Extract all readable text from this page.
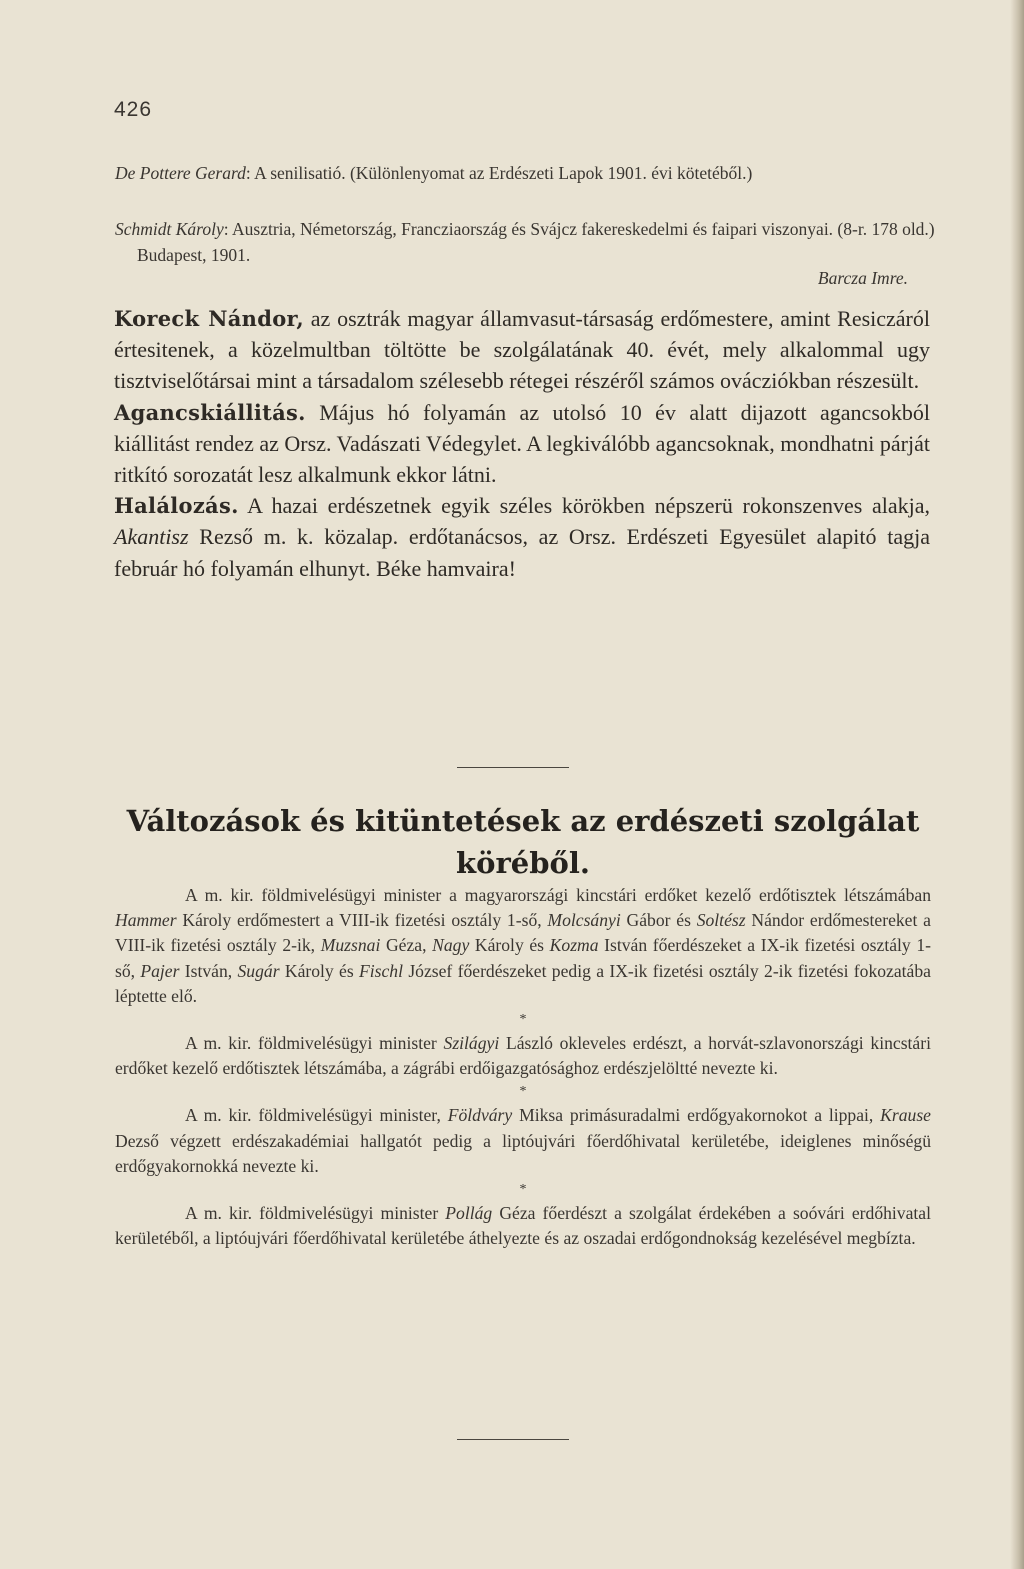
426
De Pottere Gerard: A senilisatió. (Különlenyomat az Erdészeti Lapok 1901. évi kötetéből.)
Schmidt Károly: Ausztria, Németország, Francziaország és Svájcz fakereskedelmi és faipari viszonyai. (8-r. 178 old.) Budapest, 1901.
Barcza Imre.

Koreck Nándor, az osztrák magyar államvasut-társaság erdőmestere, amint Resiczáról értesitenek, a közelmultban töltötte be szolgálatának 40. évét, mely alkalommal ugy tisztviselőtársai mint a társadalom szélesebb rétegei részéről számos ovácziókban részesült.

Agancskiállitás. Május hó folyamán az utolsó 10 év alatt dijazott agancsokból kiállitást rendez az Orsz. Vadászati Védegylet. A legkiválóbb agancsoknak, mondhatni párját ritkító sorozatát lesz alkalmunk ekkor látni.

Halálozás. A hazai erdészetnek egyik széles körökben népszerü rokonszenves alakja, Akantisz Rezső m. k. közalap. erdőtanácsos, az Orsz. Erdészeti Egyesület alapitó tagja február hó folyamán elhunyt. Béke hamvaira!

Változások és kitüntetések az erdészeti szolgálat köréből.

A m. kir. földmivelésügyi minister a magyarországi kincstári erdőket kezelő erdőtisztek létszámában Hammer Károly erdőmestert a VIII-ik fizetési osztály 1-ső, Molcsányi Gábor és Soltész Nándor erdőmestereket a VIII-ik fizetési osztály 2-ik, Muzsnai Géza, Nagy Károly és Kozma István főerdészeket a IX-ik fizetési osztály 1-ső, Pajer István, Sugár Károly és Fischl József főerdészeket pedig a IX-ik fizetési osztály 2-ik fizetési fokozatába léptette elő.

*

A m. kir. földmivelésügyi minister Szilágyi László okleveles erdészt, a horvát-szlavonországi kincstári erdőket kezelő erdőtisztek létszámába, a zágrábi erdőigazgatósághoz erdészjelöltté nevezte ki.

*

A m. kir. földmivelésügyi minister, Földváry Miksa primásuradalmi erdőgyakornokot a lippai, Krause Dezső végzett erdészakadémiai hallgatót pedig a liptóujvári főerdőhivatal kerületébe, ideiglenes minőségü erdőgyakornokká nevezte ki.

*

A m. kir. földmivelésügyi minister Pollág Géza főerdészt a szolgálat érdekében a soóvári erdőhivatal kerületéből, a liptóujvári főerdőhivatal kerületébe áthelyezte és az oszadai erdőgondnokság kezelésével megbízta.
